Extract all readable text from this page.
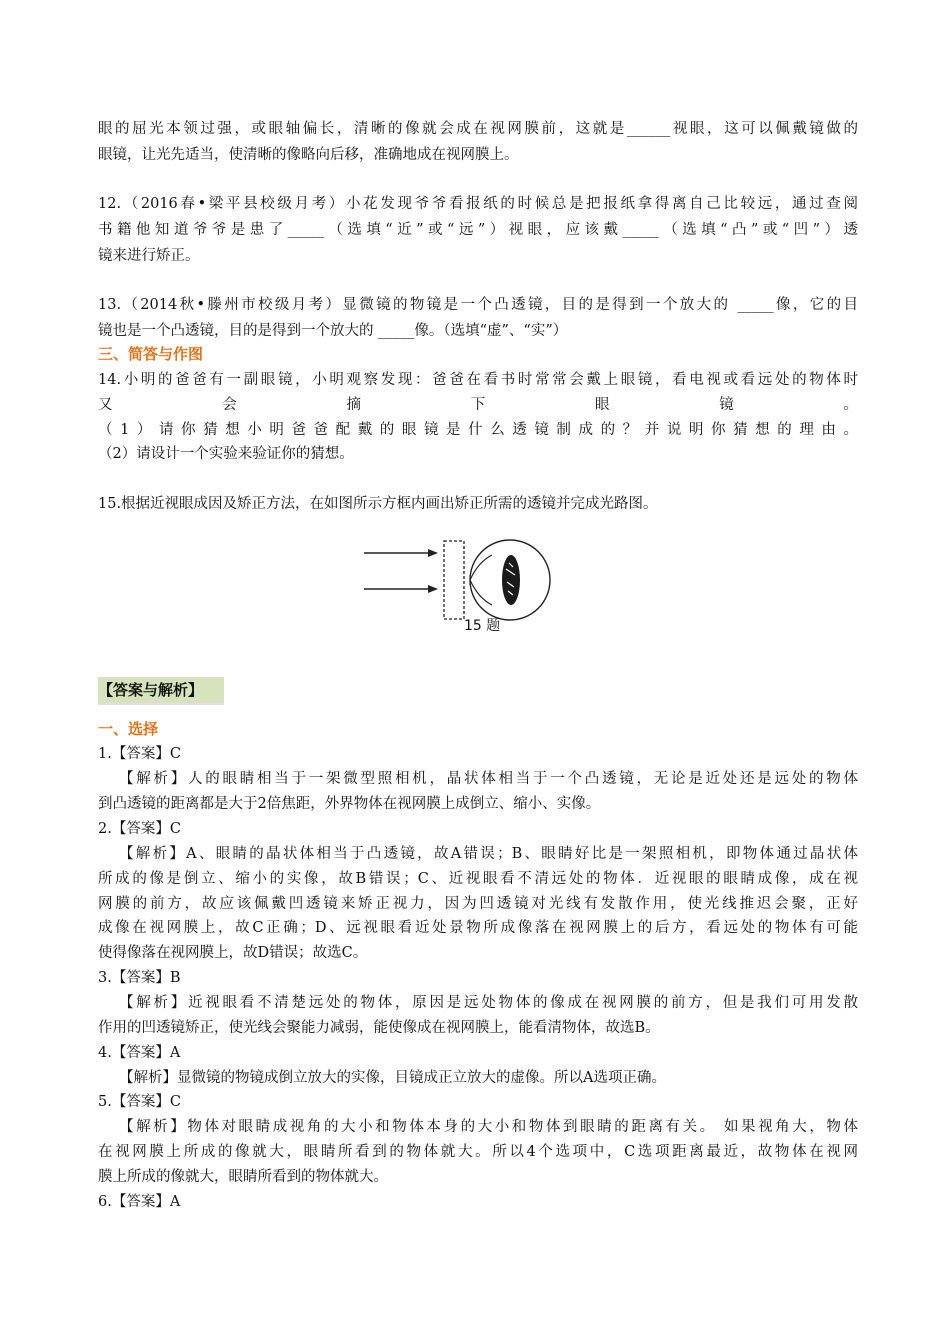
眼的屈光本领过强，或眼轴偏长，清晰的像就会成在视网膜前，这就是______视眼，这可以佩戴镜做的
眼镜，让光先适当，使清晰的像略向后移，准确地成在视网膜上。
12.（2016春•梁平县校级月考）小花发现爷爷看报纸的时候总是把报纸拿得离自己比较远，通过查阅
书籍他知道爷爷是患了_____（选填“近”或“远”）视眼，应该戴_____（选填“凸”或“凹”）透
镜来进行矫正。
13.（2014秋•滕州市校级月考）显微镜的物镜是一个凸透镜，目的是得到一个放大的 _____像，它的目
镜也是一个凸透镜，目的是得到一个放大的 _____像。（选填“虚”、“实”）
三、简答与作图
14.小明的爸爸有一副眼镜，小明观察发现：爸爸在看书时常常会戴上眼镜，看电视或看远处的物体时
又 会 摘 下 眼 镜 。
（1）请你猜想小明爸爸配戴的眼镜是什么透镜制成的？并说明你猜想的理由。
（2）请设计一个实验来验证你的猜想。
15.根据近视眼成因及矫正方法，在如图所示方框内画出矫正所需的透镜并完成光路图。
15 题
【答案与解析】
一、选择
1.【答案】C
【解析】人的眼睛相当于一架微型照相机，晶状体相当于一个凸透镜，无论是近处还是远处的物体
到凸透镜的距离都是大于2倍焦距，外界物体在视网膜上成倒立、缩小、实像。
2.【答案】C
【解析】A、眼睛的晶状体相当于凸透镜，故A错误；B、眼睛好比是一架照相机，即物体通过晶状体
所成的像是倒立、缩小的实像，故B错误；C、近视眼看不清远处的物体．近视眼的眼睛成像，成在视
网膜的前方，故应该佩戴凹透镜来矫正视力，因为凹透镜对光线有发散作用，使光线推迟会聚，正好
成像在视网膜上，故C正确；D、远视眼看近处景物所成像落在视网膜上的后方，看远处的物体有可能
使得像落在视网膜上，故D错误；故选C。
3.【答案】B
【解析】近视眼看不清楚远处的物体，原因是远处物体的像成在视网膜的前方，但是我们可用发散
作用的凹透镜矫正，使光线会聚能力减弱，能使像成在视网膜上，能看清物体，故选B。
4.【答案】A
【解析】显微镜的物镜成倒立放大的实像，目镜成正立放大的虚像。所以A选项正确。
5.【答案】C
【解析】物体对眼睛成视角的大小和物体本身的大小和物体到眼睛的距离有关。 如果视角大，物体
在视网膜上所成的像就大，眼睛所看到的物体就大。所以4个选项中，C选项距离最近，故物体在视网
膜上所成的像就大，眼睛所看到的物体就大。
6.【答案】A
